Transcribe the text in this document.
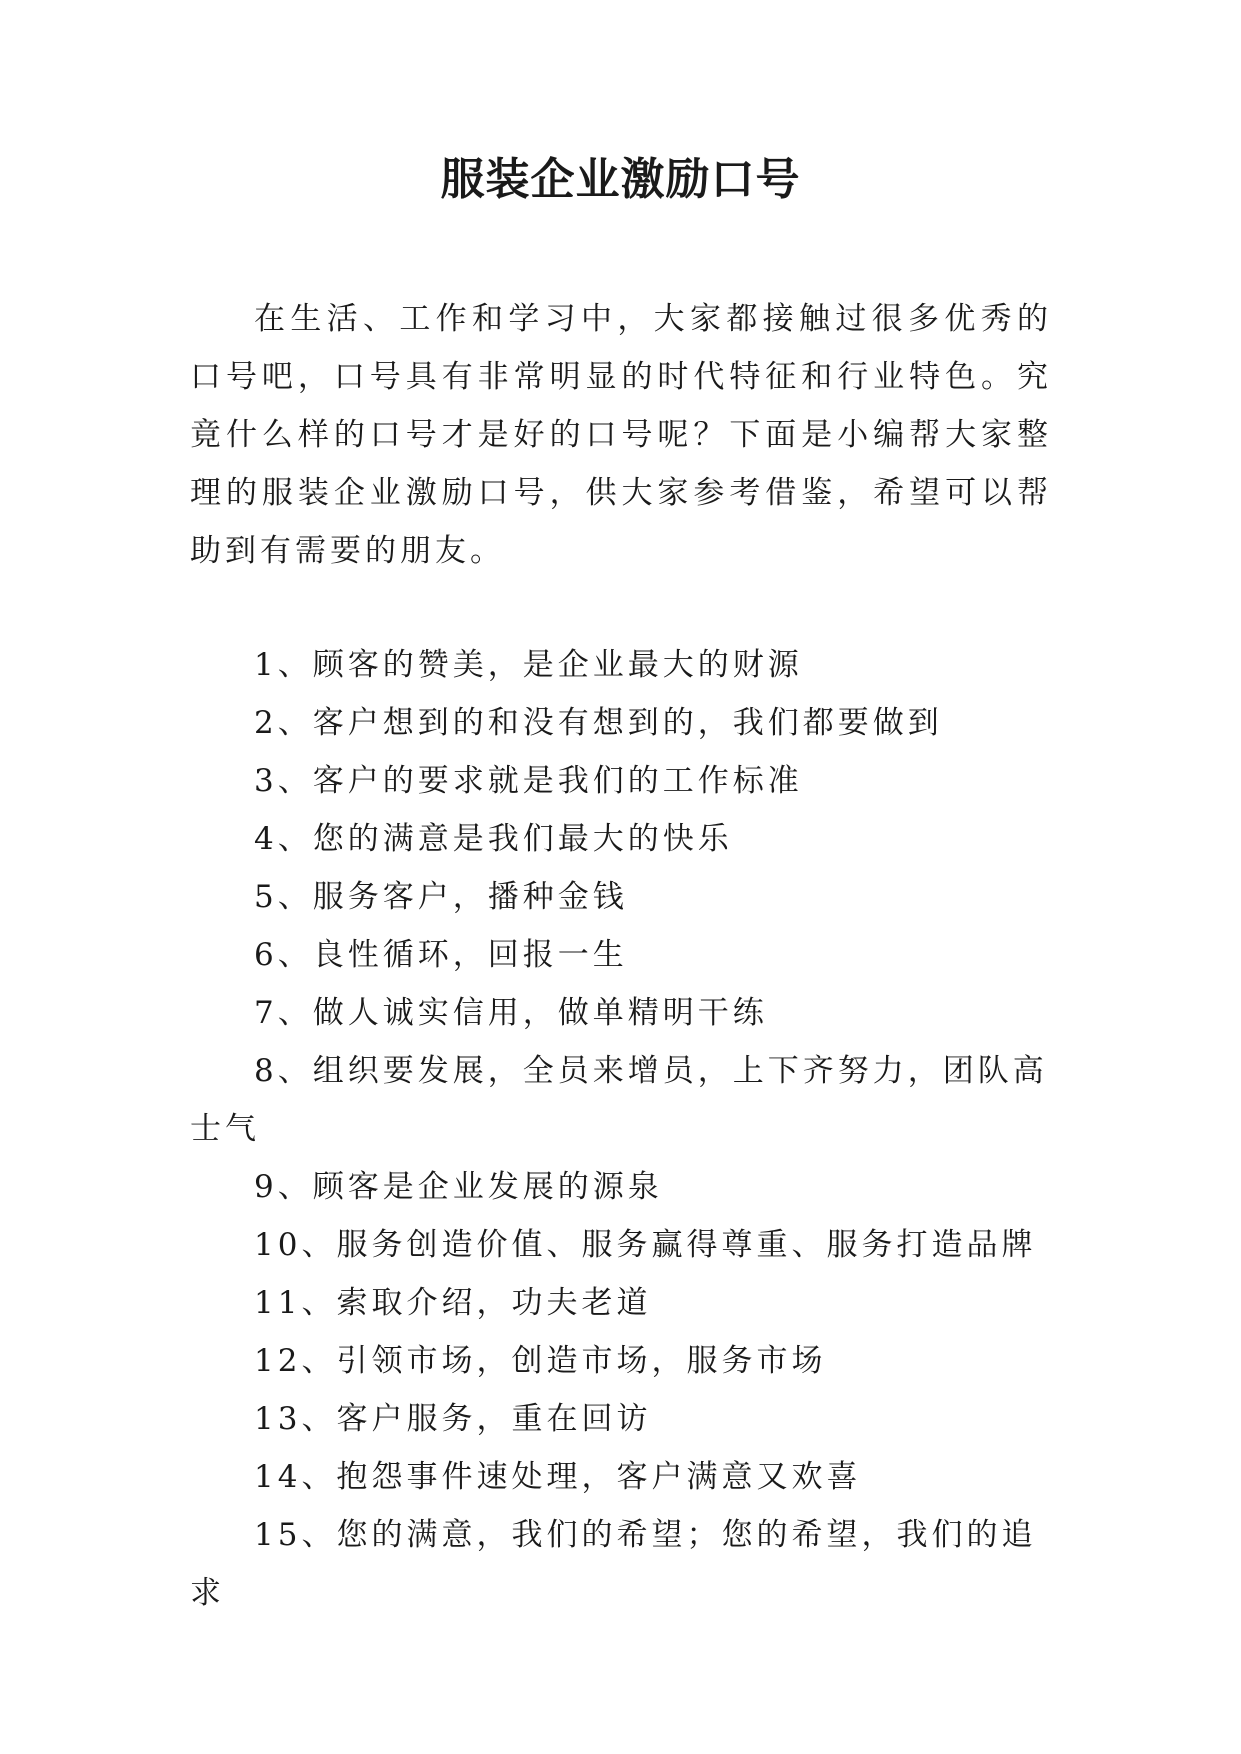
服装企业激励口号

在生活、工作和学习中，大家都接触过很多优秀的口号吧，口号具有非常明显的时代特征和行业特色。究竟什么样的口号才是好的口号呢？下面是小编帮大家整理的服装企业激励口号，供大家参考借鉴，希望可以帮助到有需要的朋友。

1、顾客的赞美，是企业最大的财源
2、客户想到的和没有想到的，我们都要做到
3、客户的要求就是我们的工作标准
4、您的满意是我们最大的快乐
5、服务客户，播种金钱
6、良性循环，回报一生
7、做人诚实信用，做单精明干练
8、组织要发展，全员来增员，上下齐努力，团队高士气
9、顾客是企业发展的源泉
10、服务创造价值、服务赢得尊重、服务打造品牌
11、索取介绍，功夫老道
12、引领市场，创造市场，服务市场
13、客户服务，重在回访
14、抱怨事件速处理，客户满意又欢喜
15、您的满意，我们的希望；您的希望，我们的追求
